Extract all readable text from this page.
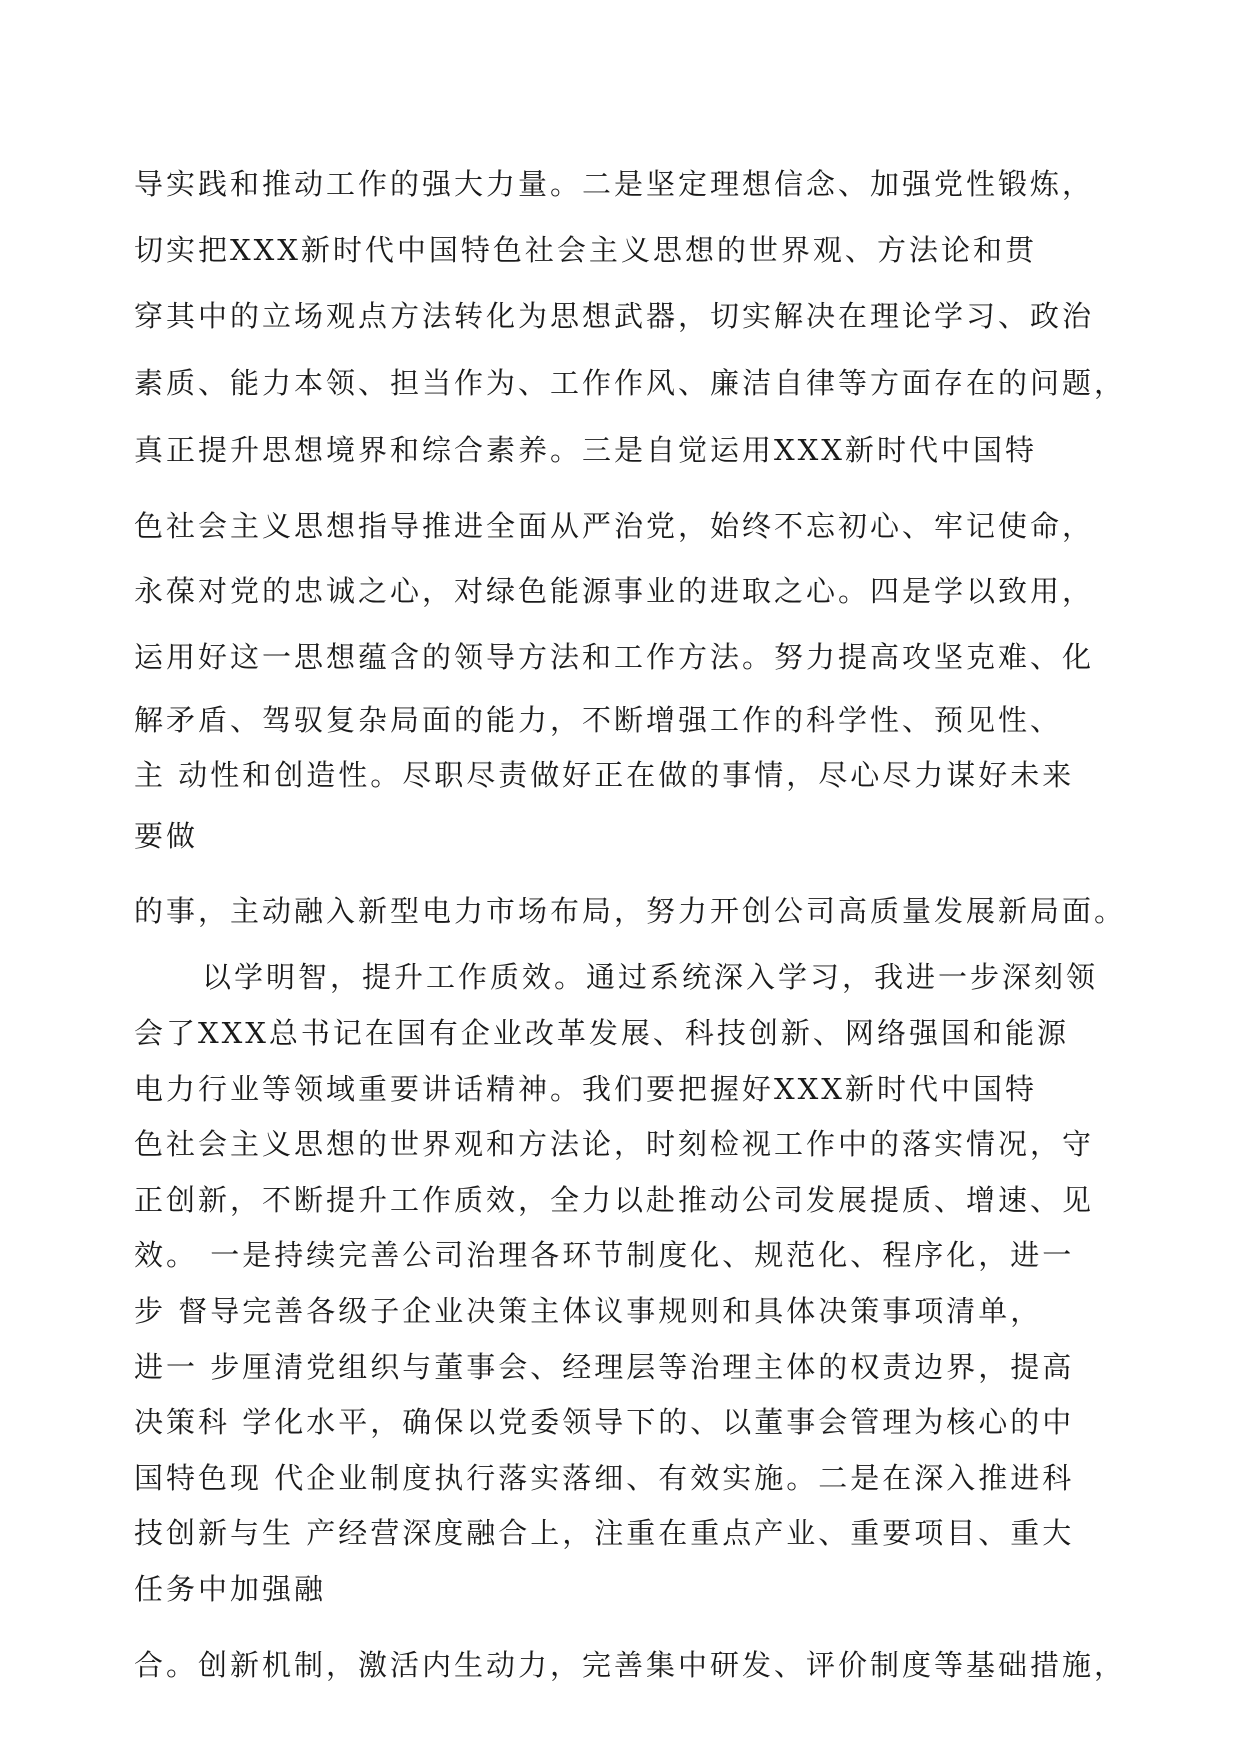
导实践和推动工作的强大力量。二是坚定理想信念、加强党性锻炼，
切实把XXX新时代中国特色社会主义思想的世界观、方法论和贯
穿其中的立场观点方法转化为思想武器，切实解决在理论学习、政治
素质、能力本领、担当作为、工作作风、廉洁自律等方面存在的问题，
真正提升思想境界和综合素养。三是自觉运用XXX新时代中国特
色社会主义思想指导推进全面从严治党，始终不忘初心、牢记使命，
永葆对党的忠诚之心，对绿色能源事业的进取之心。四是学以致用，
运用好这一思想蕴含的领导方法和工作方法。努力提高攻坚克难、化
解矛盾、驾驭复杂局面的能力，不断增强工作的科学性、预见性、
主 动性和创造性。尽职尽责做好正在做的事情，尽心尽力谋好未来
要做
的事，主动融入新型电力市场布局，努力开创公司高质量发展新局面。
以学明智，提升工作质效。通过系统深入学习，我进一步深刻领
会了XXX总书记在国有企业改革发展、科技创新、网络强国和能源
电力行业等领域重要讲话精神。我们要把握好XXX新时代中国特
色社会主义思想的世界观和方法论，时刻检视工作中的落实情况，守
正创新，不断提升工作质效，全力以赴推动公司发展提质、增速、见
效。 一是持续完善公司治理各环节制度化、规范化、程序化，进一
步 督导完善各级子企业决策主体议事规则和具体决策事项清单，
进一 步厘清党组织与董事会、经理层等治理主体的权责边界，提高
决策科 学化水平，确保以党委领导下的、以董事会管理为核心的中
国特色现 代企业制度执行落实落细、有效实施。二是在深入推进科
技创新与生 产经营深度融合上，注重在重点产业、重要项目、重大
任务中加强融
合。创新机制，激活内生动力，完善集中研发、评价制度等基础措施，
